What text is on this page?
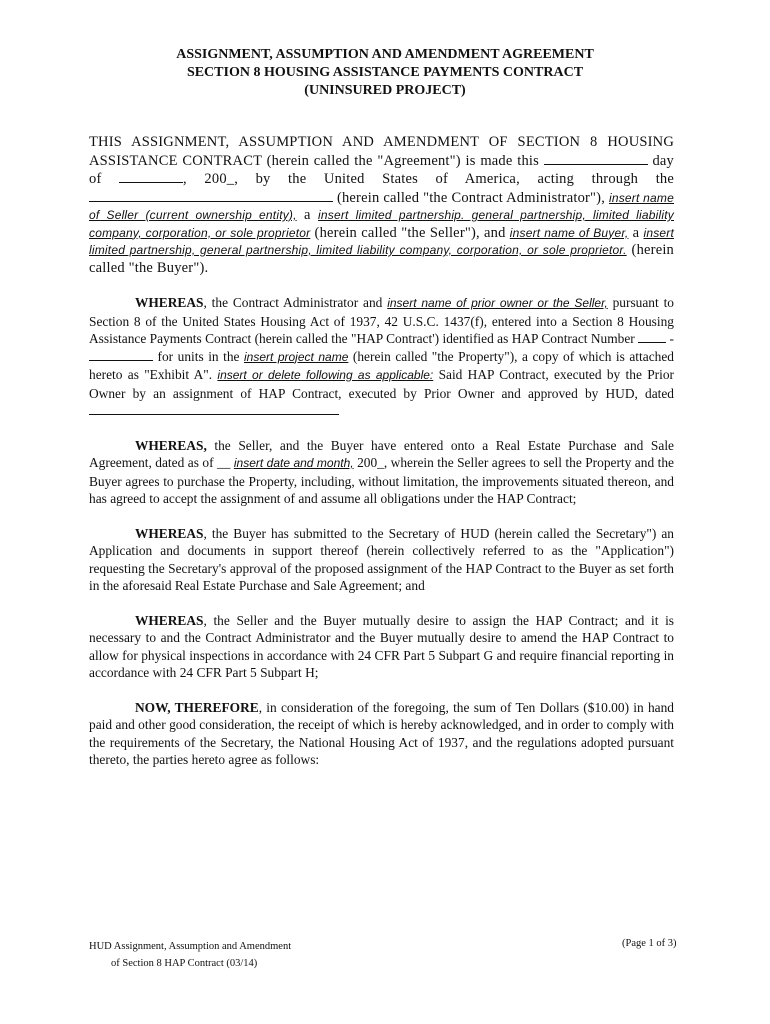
ASSIGNMENT, ASSUMPTION AND AMENDMENT AGREEMENT
SECTION 8 HOUSING ASSISTANCE PAYMENTS CONTRACT
(UNINSURED PROJECT)

THIS ASSIGNMENT, ASSUMPTION AND AMENDMENT OF SECTION 8 HOUSING ASSISTANCE CONTRACT (herein called the "Agreement") is made this	day of	, 200_, by the United States of America, acting through the  (herein called "the Contract Administrator"), insert name of Seller (current ownership entity), a insert limited partnership. general partnership, limited liability company, corporation, or sole proprietor (herein called "the Seller"), and insert name of Buyer, a insert limited partnership, general partnership, limited liability company, corporation, or sole proprietor. (herein called "the Buyer").

WHEREAS, the Contract Administrator and insert name of prior owner or the Seller, pursuant to Section 8 of the United States Housing Act of 1937, 42 U.S.C. 1437(f), entered into a Section 8 Housing Assistance Payments Contract (herein called the "HAP Contract') identified as HAP Contract Number	-  for units in the insert project name (herein called "the Property"), a copy of which is attached hereto as "Exhibit A". insert or delete following as applicable: Said HAP Contract, executed by the Prior Owner by an assignment of HAP Contract, executed by Prior Owner and approved by HUD, dated

WHEREAS, the Seller, and the Buyer have entered onto a Real Estate Purchase and Sale Agreement, dated as of __ insert date and month, 200_, wherein the Seller agrees to sell the Property and the Buyer agrees to purchase the Property, including, without limitation, the improvements situated thereon, and has agreed to accept the assignment of and assume all obligations under the HAP Contract;

WHEREAS, the Buyer has submitted to the Secretary of HUD (herein called the Secretary") an Application and documents in support thereof (herein collectively referred to as the "Application") requesting the Secretary's approval of the proposed assignment of the HAP Contract to the Buyer as set forth in the aforesaid Real Estate Purchase and Sale Agreement; and

WHEREAS, the Seller and the Buyer mutually desire to assign the HAP Contract; and it is necessary to and the Contract Administrator and the Buyer mutually desire to amend the HAP Contract to allow for physical inspections in accordance with 24 CFR Part 5 Subpart G and require financial reporting in accordance with 24 CFR Part 5 Subpart H;

NOW, THEREFORE, in consideration of the foregoing, the sum of Ten Dollars ($10.00) in hand paid and other good consideration, the receipt of which is hereby acknowledged, and in order to comply with the requirements of the Secretary, the National Housing Act of 1937, and the regulations adopted pursuant thereto, the parties hereto agree as follows:

HUD Assignment, Assumption and Amendment
of Section 8 HAP Contract (03/14)
(Page 1 of 3)
